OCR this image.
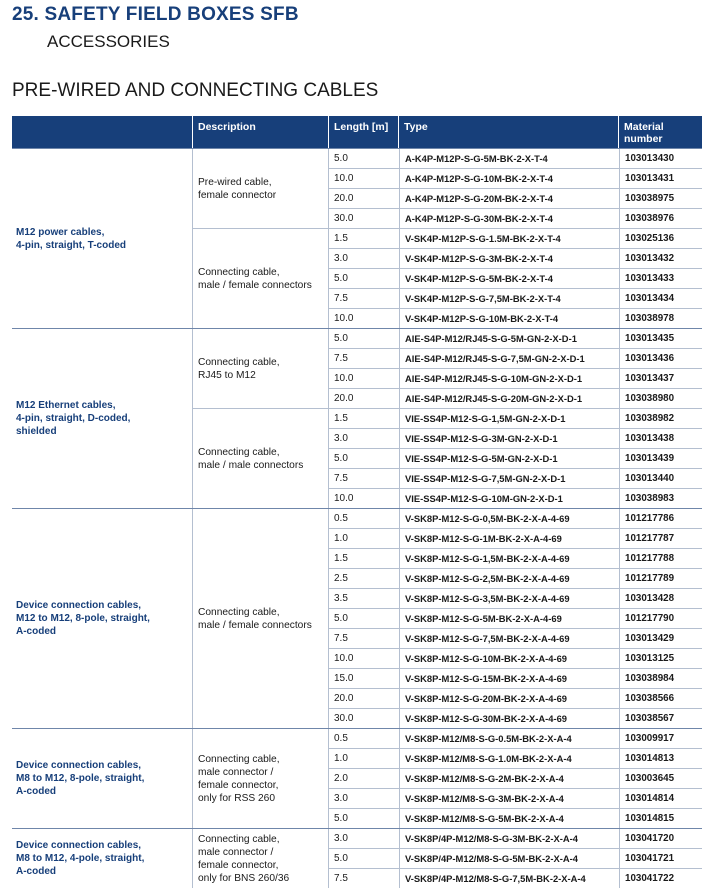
25. SAFETY FIELD BOXES SFB
ACCESSORIES
PRE-WIRED AND CONNECTING CABLES
Description	Length [m]	Type	Material
number
M12 power cables,
4-pin, straight, T-coded
Pre-wired cable,
female connector
5.0	A-K4P-M12P-S-G-5M-BK-2-X-T-4	103013430
10.0	A-K4P-M12P-S-G-10M-BK-2-X-T-4	103013431
20.0	A-K4P-M12P-S-G-20M-BK-2-X-T-4	103038975
30.0	A-K4P-M12P-S-G-30M-BK-2-X-T-4	103038976
Connecting cable,
male / female connectors
1.5	V-SK4P-M12P-S-G-1.5M-BK-2-X-T-4	103025136
3.0	V-SK4P-M12P-S-G-3M-BK-2-X-T-4	103013432
5.0	V-SK4P-M12P-S-G-5M-BK-2-X-T-4	103013433
7.5	V-SK4P-M12P-S-G-7,5M-BK-2-X-T-4	103013434
10.0	V-SK4P-M12P-S-G-10M-BK-2-X-T-4	103038978
M12 Ethernet cables,
4-pin, straight, D-coded,
shielded
Connecting cable,
RJ45 to M12
5.0	AIE-S4P-M12/RJ45-S-G-5M-GN-2-X-D-1	103013435
7.5	AIE-S4P-M12/RJ45-S-G-7,5M-GN-2-X-D-1	103013436
10.0	AIE-S4P-M12/RJ45-S-G-10M-GN-2-X-D-1	103013437
20.0	AIE-S4P-M12/RJ45-S-G-20M-GN-2-X-D-1	103038980
Connecting cable,
male / male connectors
1.5	VIE-SS4P-M12-S-G-1,5M-GN-2-X-D-1	103038982
3.0	VIE-SS4P-M12-S-G-3M-GN-2-X-D-1	103013438
5.0	VIE-SS4P-M12-S-G-5M-GN-2-X-D-1	103013439
7.5	VIE-SS4P-M12-S-G-7,5M-GN-2-X-D-1	103013440
10.0	VIE-SS4P-M12-S-G-10M-GN-2-X-D-1	103038983
Device connection cables,
M12 to M12, 8-pole, straight,
A-coded
Connecting cable,
male / female connectors
0.5	V-SK8P-M12-S-G-0,5M-BK-2-X-A-4-69	101217786
1.0	V-SK8P-M12-S-G-1M-BK-2-X-A-4-69	101217787
1.5	V-SK8P-M12-S-G-1,5M-BK-2-X-A-4-69	101217788
2.5	V-SK8P-M12-S-G-2,5M-BK-2-X-A-4-69	101217789
3.5	V-SK8P-M12-S-G-3,5M-BK-2-X-A-4-69	103013428
5.0	V-SK8P-M12-S-G-5M-BK-2-X-A-4-69	101217790
7.5	V-SK8P-M12-S-G-7,5M-BK-2-X-A-4-69	103013429
10.0	V-SK8P-M12-S-G-10M-BK-2-X-A-4-69	103013125
15.0	V-SK8P-M12-S-G-15M-BK-2-X-A-4-69	103038984
20.0	V-SK8P-M12-S-G-20M-BK-2-X-A-4-69	103038566
30.0	V-SK8P-M12-S-G-30M-BK-2-X-A-4-69	103038567
Device connection cables,
M8 to M12, 8-pole, straight,
A-coded
Connecting cable,
male connector /
female connector,
only for RSS 260
0.5	V-SK8P-M12/M8-S-G-0.5M-BK-2-X-A-4	103009917
1.0	V-SK8P-M12/M8-S-G-1.0M-BK-2-X-A-4	103014813
2.0	V-SK8P-M12/M8-S-G-2M-BK-2-X-A-4	103003645
3.0	V-SK8P-M12/M8-S-G-3M-BK-2-X-A-4	103014814
5.0	V-SK8P-M12/M8-S-G-5M-BK-2-X-A-4	103014815
Device connection cables,
M8 to M12, 4-pole, straight,
A-coded
Connecting cable,
male connector /
female connector,
only for BNS 260/36
3.0	V-SK8P/4P-M12/M8-S-G-3M-BK-2-X-A-4	103041720
5.0	V-SK8P/4P-M12/M8-S-G-5M-BK-2-X-A-4	103041721
7.5	V-SK8P/4P-M12/M8-S-G-7,5M-BK-2-X-A-4	103041722
